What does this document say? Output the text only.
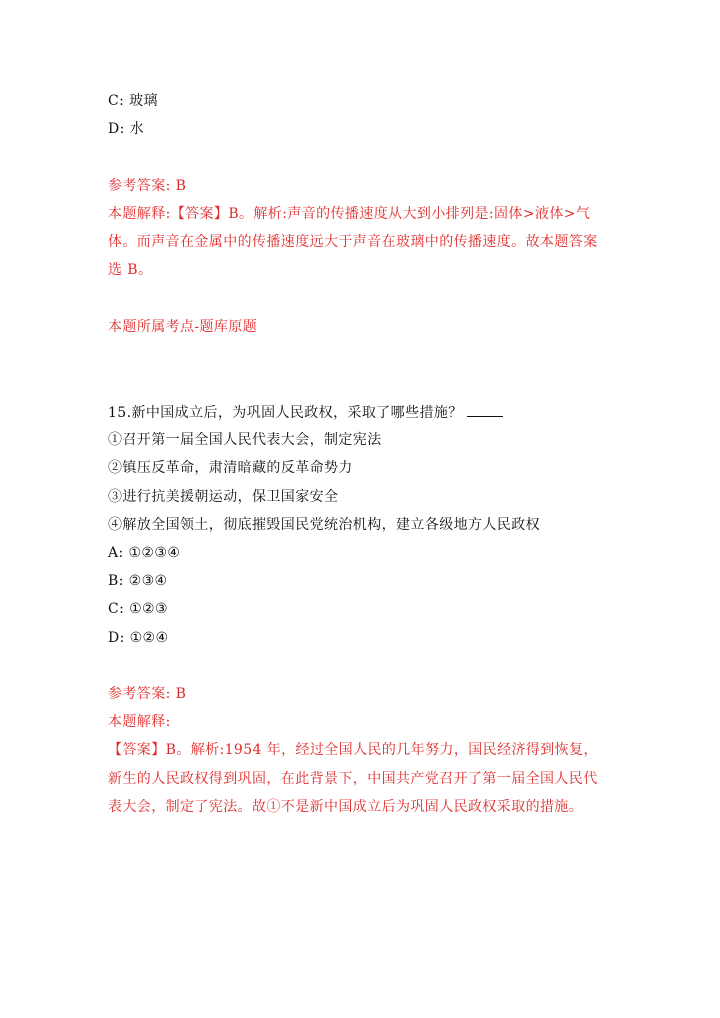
C: 玻璃
D: 水
参考答案: B
本题解释:【答案】B。解析:声音的传播速度从大到小排列是:固体>液体>气
体。而声音在金属中的传播速度远大于声音在玻璃中的传播速度。故本题答案
选 B。
本题所属考点-题库原题
15.新中国成立后，为巩固人民政权，采取了哪些措施？
①召开第一届全国人民代表大会，制定宪法
②镇压反革命，肃清暗藏的反革命势力
③进行抗美援朝运动，保卫国家安全
④解放全国领土，彻底摧毁国民党统治机构，建立各级地方人民政权
A: ①②③④
B: ②③④
C: ①②③
D: ①②④
参考答案: B
本题解释:
【答案】B。解析:1954 年，经过全国人民的几年努力，国民经济得到恢复，
新生的人民政权得到巩固，在此背景下，中国共产党召开了第一届全国人民代
表大会，制定了宪法。故①不是新中国成立后为巩固人民政权采取的措施。
